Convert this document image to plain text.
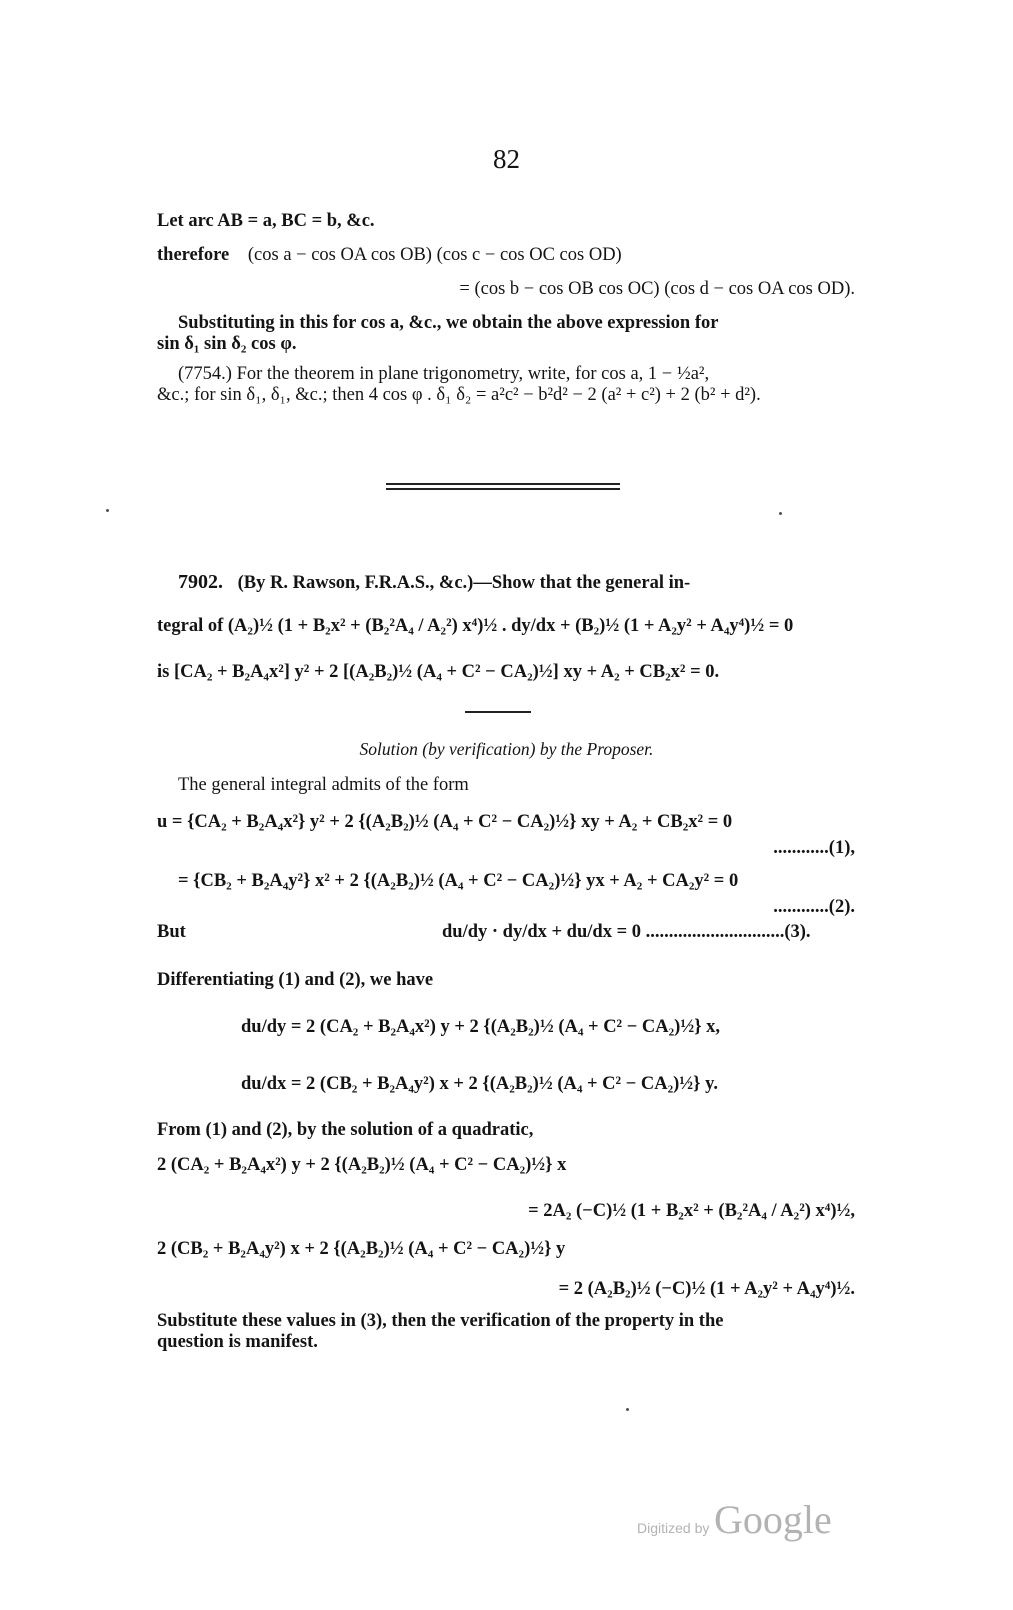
82
Let arc AB = a, BC = b, &c.
therefore (cos a − cos OA cos OB) (cos c − cos OC cos OD)
= (cos b − cos OB cos OC) (cos d − cos OA cos OD).
Substituting in this for cos a, &c., we obtain the above expression for
sin δ₁ sin δ₂ cos φ.
(7754.) For the theorem in plane trigonometry, write, for cos a, 1 − ½a²,
&c.; for sin δ₁, δ₁, &c.; then 4 cos φ . δ₁ δ₂ = a²c² − b²d² − 2 (a² + c²) + 2 (b² + d²).
7902. (By R. Rawson, F.R.A.S., &c.)—Show that the general in-
tegral of (A₂)½ (1 + B₂x² + (B₂²A₄ / A₂²) x⁴)½ . dy/dx + (B₂)½ (1 + A₂y² + A₄y⁴)½ = 0
is [CA₂ + B₂A₄x²] y² + 2 [(A₂B₂)½ (A₄ + C² − CA₂)½] xy + A₂ + CB₂x² = 0.
Solution (by verification) by the Proposer.
The general integral admits of the form
u = {CA₂ + B₂A₄x²} y² + 2 {(A₂B₂)½ (A₄ + C² − CA₂)½} xy + A₂ + CB₂x² = 0
............(1),
= {CB₂ + B₂A₄y²} x² + 2 {(A₂B₂)½ (A₄ + C² − CA₂)½} yx + A₂ + CA₂y² = 0
............(2).
But	du/dy · dy/dx + du/dx = 0 ..............................(3).
Differentiating (1) and (2), we have
du/dy = 2 (CA₂ + B₂A₄x²) y + 2 {(A₂B₂)½ (A₄ + C² − CA₂)½} x,
du/dx = 2 (CB₂ + B₂A₄y²) x + 2 {(A₂B₂)½ (A₄ + C² − CA₂)½} y.
From (1) and (2), by the solution of a quadratic,
2 (CA₂ + B₂A₄x²) y + 2 {(A₂B₂)½ (A₄ + C² − CA₂)½} x
= 2A₂ (−C)½ (1 + B₂x² + (B₂²A₄ / A₂²) x⁴)½,
2 (CB₂ + B₂A₄y²) x + 2 {(A₂B₂)½ (A₄ + C² − CA₂)½} y
= 2 (A₂B₂)½ (−C)½ (1 + A₂y² + A₄y⁴)½.
Substitute these values in (3), then the verification of the property in the
question is manifest.
Digitized by Google
